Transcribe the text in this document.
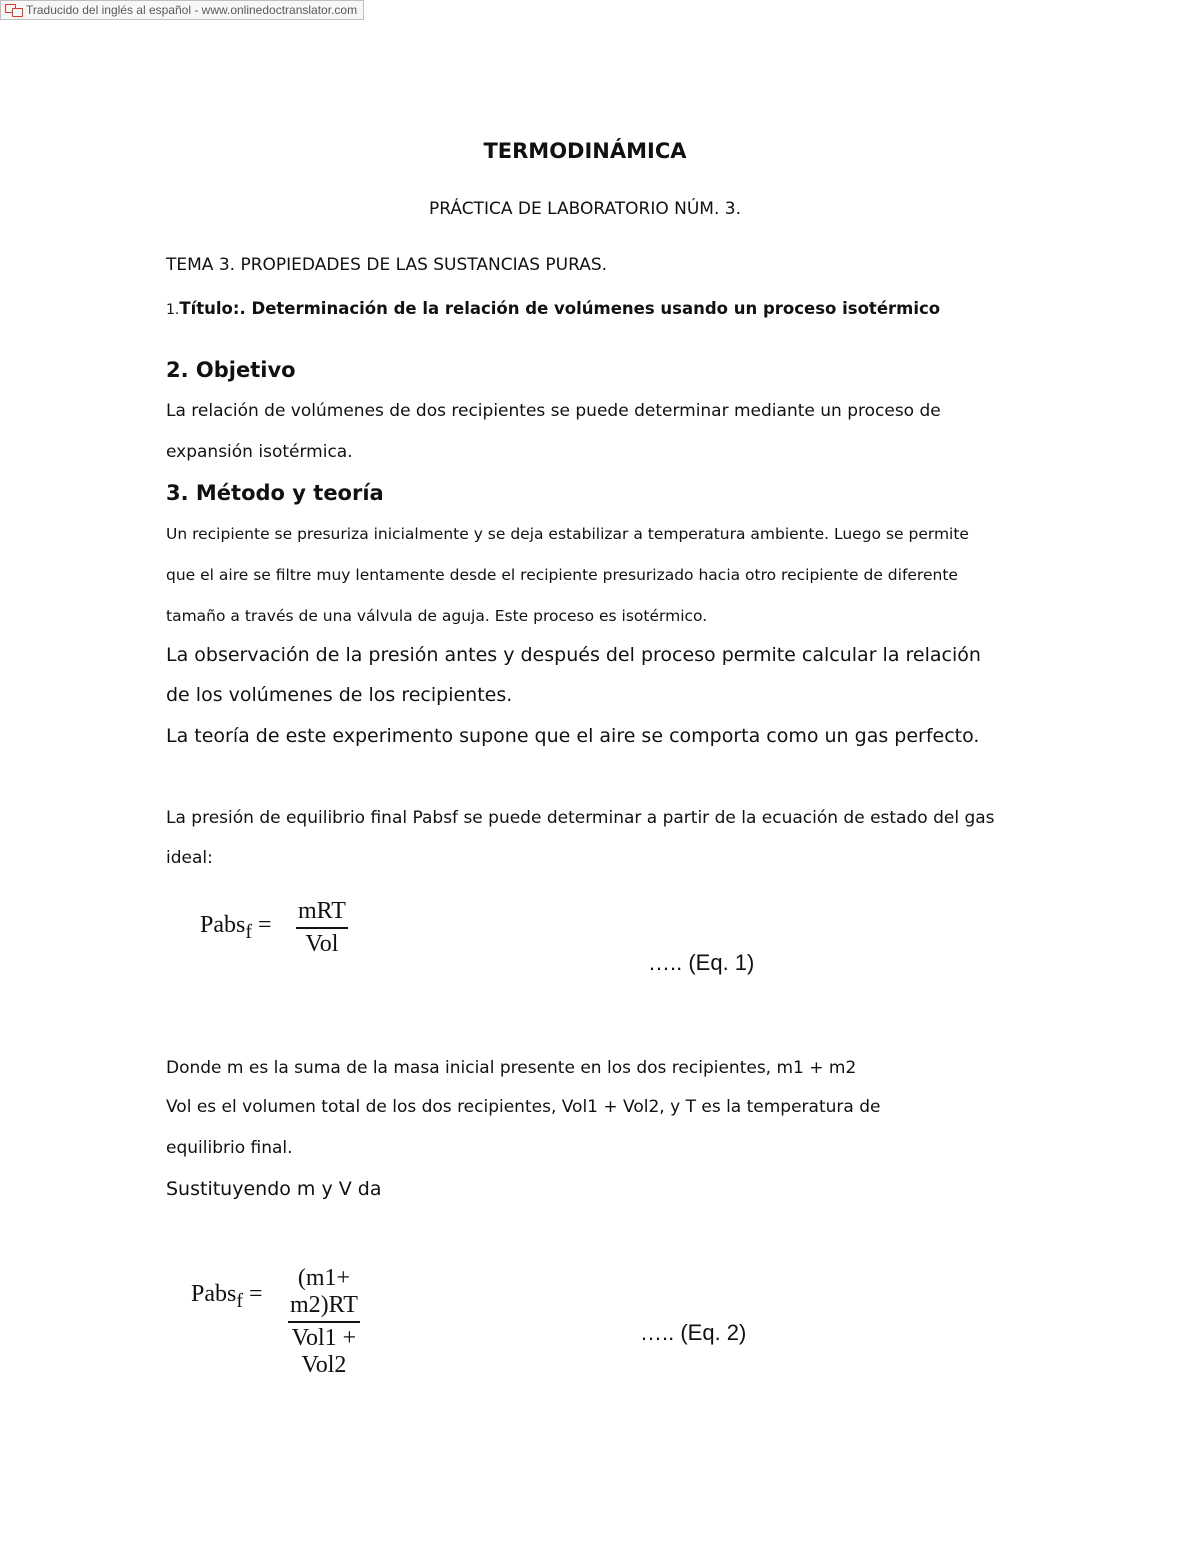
Traducido del inglés al español - www.onlinedoctranslator.com
TERMODINÁMICA
PRÁCTICA DE LABORATORIO NÚM. 3.
TEMA 3. PROPIEDADES DE LAS SUSTANCIAS PURAS.
1.Título:. Determinación de la relación de volúmenes usando un proceso isotérmico
2. Objetivo
La relación de volúmenes de dos recipientes se puede determinar mediante un proceso de
expansión isotérmica.
3. Método y teoría
Un recipiente se presuriza inicialmente y se deja estabilizar a temperatura ambiente. Luego se permite
que el aire se filtre muy lentamente desde el recipiente presurizado hacia otro recipiente de diferente
tamaño a través de una válvula de aguja. Este proceso es isotérmico.
La observación de la presión antes y después del proceso permite calcular la relación
de los volúmenes de los recipientes.
La teoría de este experimento supone que el aire se comporta como un gas perfecto.
La presión de equilibrio final Pabsf se puede determinar a partir de la ecuación de estado del gas
ideal:
Pabs$_f$ =
mRT
Vol
….. (Eq. 1)
Donde m es la suma de la masa inicial presente en los dos recipientes, m1 + m2
Vol es el volumen total de los dos recipientes, Vol1 + Vol2, y T es la temperatura de
equilibrio final.
Sustituyendo m y V da
Pabs$_f$ =
(m1+ m2)RT
Vol1 + Vol2
….. (Eq. 2)
